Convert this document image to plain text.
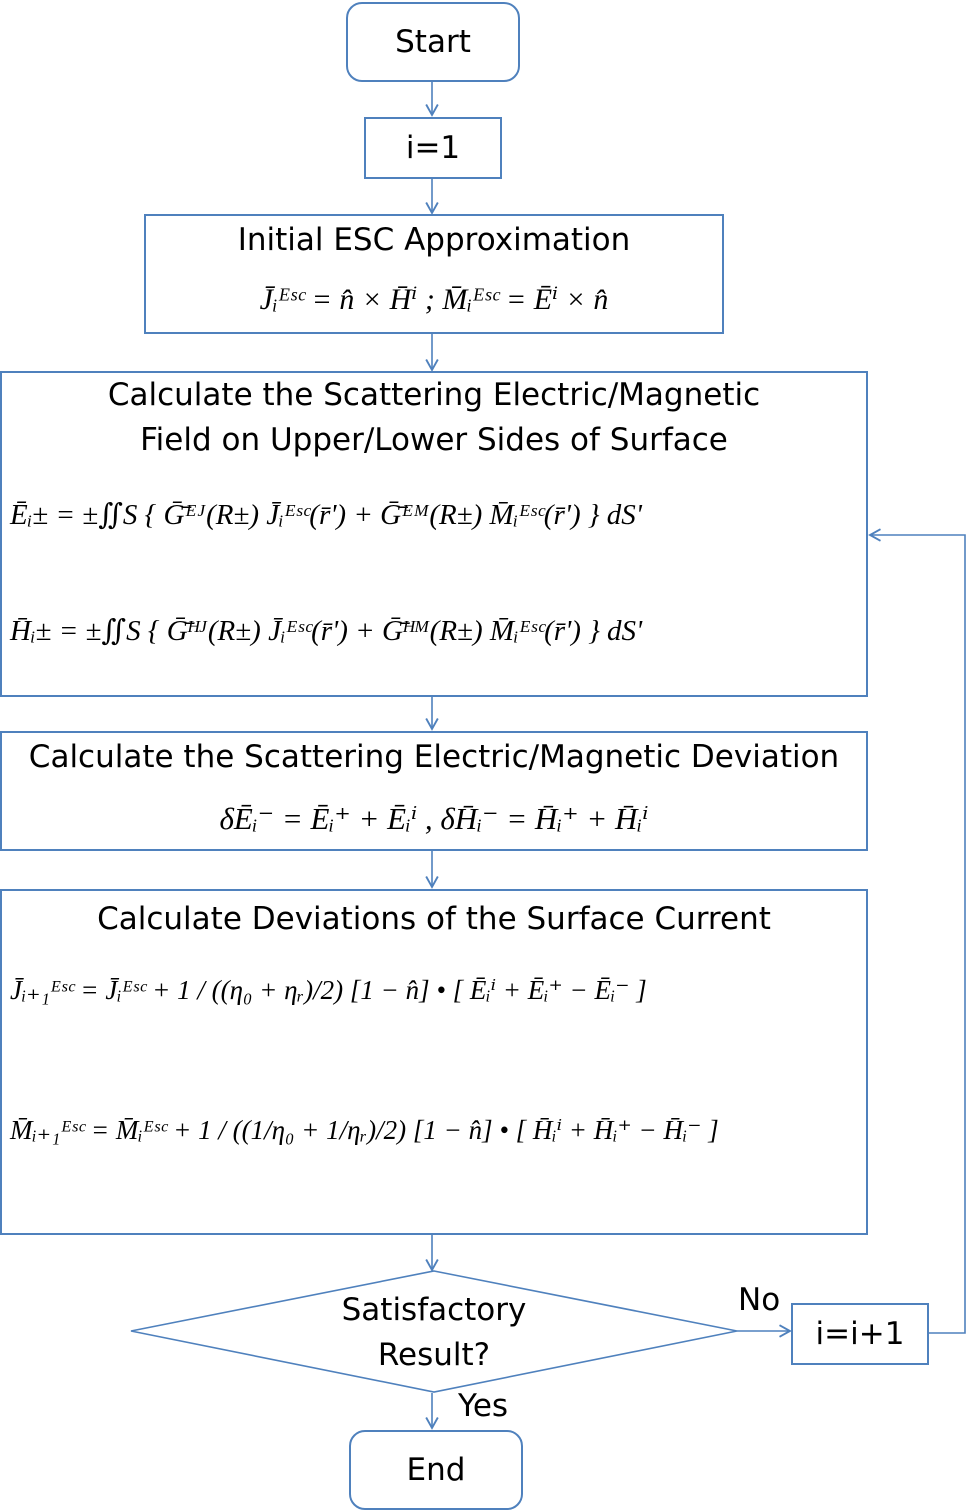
Start
i=1
Initial ESC Approximation
J̄ᵢᴱˢᶜ = n̂ × H̄ⁱ ; M̄ᵢᴱˢᶜ = Ēⁱ × n̂
Calculate the Scattering Electric/Magnetic
Field on Upper/Lower Sides of Surface
Ēᵢ± = ±∬S { Ḡ̄ᴱᴶ(R±) J̄ᵢᴱˢᶜ(r̄') + Ḡ̄ᴱᴹ(R±) M̄ᵢᴱˢᶜ(r̄') } dS'
H̄ᵢ± = ±∬S { Ḡ̄ᴴᴶ(R±) J̄ᵢᴱˢᶜ(r̄') + Ḡ̄ᴴᴹ(R±) M̄ᵢᴱˢᶜ(r̄') } dS'
Calculate the Scattering Electric/Magnetic Deviation
δĒᵢ⁻ = Ēᵢ⁺ + Ēᵢⁱ , δH̄ᵢ⁻ = H̄ᵢ⁺ + H̄ᵢⁱ
Calculate Deviations of the Surface Current
J̄ᵢ₊₁ᴱˢᶜ = J̄ᵢᴱˢᶜ + 1 / ((η₀ + ηᵣ)/2) [1 − n̂] • [ Ēᵢⁱ + Ēᵢ⁺ − Ēᵢ⁻ ]
M̄ᵢ₊₁ᴱˢᶜ = M̄ᵢᴱˢᶜ + 1 / ((1/η₀ + 1/ηᵣ)/2) [1 − n̂] • [ H̄ᵢⁱ + H̄ᵢ⁺ − H̄ᵢ⁻ ]
Satisfactory
Result?
No
Yes
i=i+1
End
